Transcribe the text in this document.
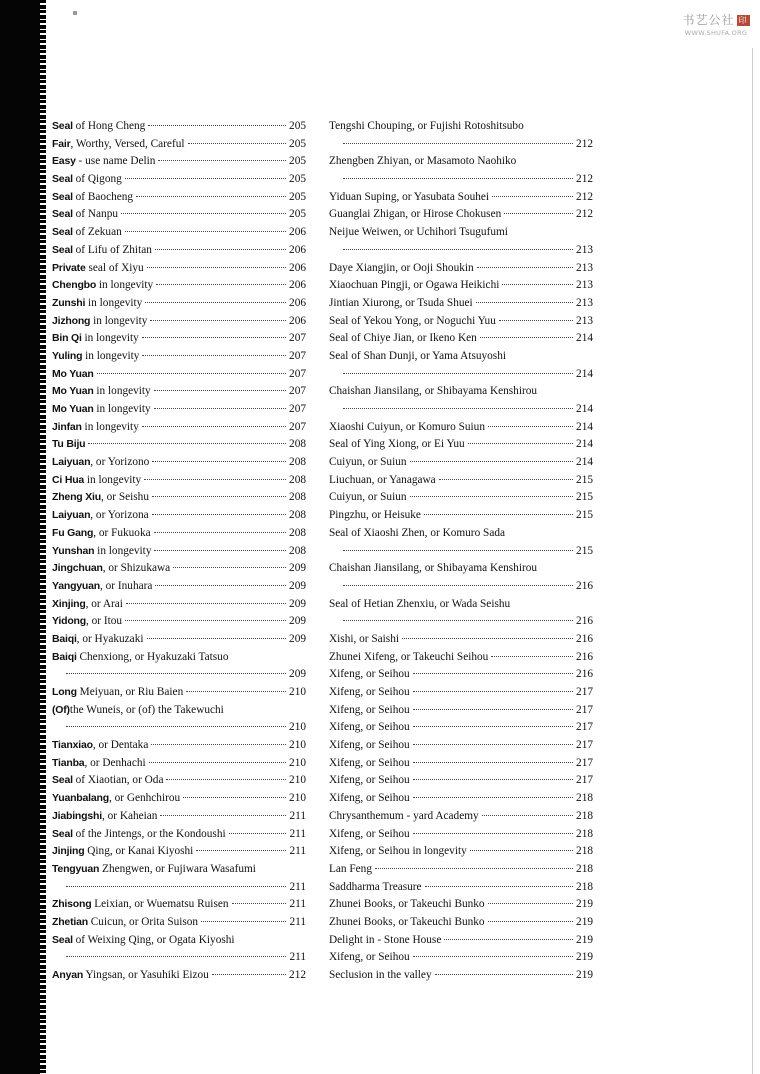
书艺公社 印
WWW.SHUFA.ORG
Seal of Hong Cheng	205
Fair, Worthy, Versed, Careful	205
Easy - use name Delin	205
Seal of Qigong	205
Seal of Baocheng	205
Seal of Nanpu	205
Seal of Zekuan	206
Seal of Lifu of Zhitan	206
Private seal of Xiyu	206
Chengbo in longevity	206
Zunshi in longevity	206
Jizhong in longevity	206
Bin Qi in longevity	207
Yuling in longevity	207
Mo Yuan	207
Mo Yuan in longevity	207
Mo Yuan in longevity	207
Jinfan in longevity	207
Tu Biju	208
Laiyuan, or Yorizono	208
Ci Hua in longevity	208
Zheng Xiu, or Seishu	208
Laiyuan, or Yorizona	208
Fu Gang, or Fukuoka	208
Yunshan in longevity	208
Jingchuan, or Shizukawa	209
Yangyuan, or Inuhara	209
Xinjing, or Arai	209
Yidong, or Itou	209
Baiqi, or Hyakuzaki	209
Baiqi Chenxiong, or Hyakuzaki Tatsuo
209
Long Meiyuan, or Riu Baien	210
(Of)the Wuneis, or (of) the Takewuchi
210
Tianxiao, or Dentaka	210
Tianba, or Denhachi	210
Seal of Xiaotian, or Oda	210
Yuanbalang, or Genhchirou	210
Jiabingshi, or Kaheian	211
Seal of the Jintengs, or the Kondoushi	211
Jinjing Qing, or Kanai Kiyoshi	211
Tengyuan Zhengwen, or Fujiwara Wasafumi
211
Zhisong Leixian, or Wuematsu Ruisen	211
Zhetian Cuicun, or Orita Suison	211
Seal of Weixing Qing, or Ogata Kiyoshi
211
Anyan Yingsan, or Yasuhiki Eizou	212
Tengshi Chouping, or Fujishi Rotoshitsubo
212
Zhengben Zhiyan, or Masamoto Naohiko
212
Yiduan Suping, or Yasubata Souhei	212
Guanglai Zhigan, or Hirose Chokusen	212
Neijue Weiwen, or Uchihori Tsugufumi
213
Daye Xiangjin, or Ooji Shoukin	213
Xiaochuan Pingji, or Ogawa Heikichi	213
Jintian Xiurong, or Tsuda Shuei	213
Seal of Yekou Yong, or Noguchi Yuu	213
Seal of Chiye Jian, or Ikeno Ken	214
Seal of Shan Dunji, or Yama Atsuyoshi
214
Chaishan Jiansilang, or Shibayama Kenshirou
214
Xiaoshi Cuiyun, or Komuro Suiun	214
Seal of Ying Xiong, or Ei Yuu	214
Cuiyun, or Suiun	214
Liuchuan, or Yanagawa	215
Cuiyun, or Suiun	215
Pingzhu, or Heisuke	215
Seal of Xiaoshi Zhen, or Komuro Sada
215
Chaishan Jiansilang, or Shibayama Kenshirou
216
Seal of Hetian Zhenxiu, or Wada Seishu
216
Xishi, or Saishi	216
Zhunei Xifeng, or Takeuchi Seihou	216
Xifeng, or Seihou	216
Xifeng, or Seihou	217
Xifeng, or Seihou	217
Xifeng, or Seihou	217
Xifeng, or Seihou	217
Xifeng, or Seihou	217
Xifeng, or Seihou	217
Xifeng, or Seihou	218
Chrysanthemum - yard Academy	218
Xifeng, or Seihou	218
Xifeng, or Seihou in longevity	218
Lan Feng	218
Saddharma Treasure	218
Zhunei Books, or Takeuchi Bunko	219
Zhunei Books, or Takeuchi Bunko	219
Delight in - Stone House	219
Xifeng, or Seihou	219
Seclusion in the valley	219
